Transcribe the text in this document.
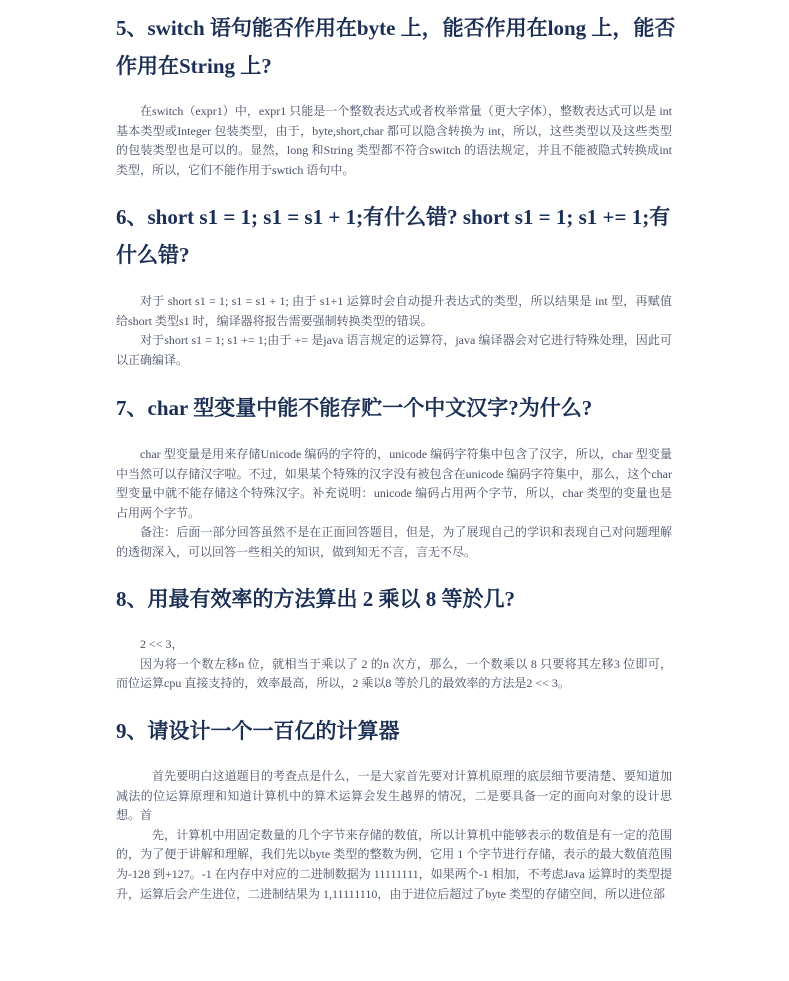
5、switch 语句能否作用在byte 上，能否作用在long 上，能否作用在String 上?

在switch（expr1）中，expr1 只能是一个整数表达式或者枚举常量（更大字体），整数表达式可以是 int 基本类型或Integer 包装类型，由于，byte,short,char 都可以隐含转换为 int，所以，这些类型以及这些类型的包装类型也是可以的。显然，long 和String 类型都不符合switch 的语法规定，并且不能被隐式转换成int 类型，所以，它们不能作用于swtich 语句中。

6、short s1 = 1; s1 = s1 + 1;有什么错? short s1 = 1; s1 += 1;有什么错?

对于 short s1 = 1; s1 = s1 + 1; 由于 s1+1 运算时会自动提升表达式的类型，所以结果是 int 型，再赋值给short 类型s1 时，编译器将报告需要强制转换类型的错误。

对于short s1 = 1; s1 += 1;由于 += 是java 语言规定的运算符，java 编译器会对它进行特殊处理，因此可以正确编译。

7、char 型变量中能不能存贮一个中文汉字?为什么?

char 型变量是用来存储Unicode 编码的字符的，unicode 编码字符集中包含了汉字，所以，char 型变量中当然可以存储汉字啦。不过，如果某个特殊的汉字没有被包含在unicode 编码字符集中，那么，这个char 型变量中就不能存储这个特殊汉字。补充说明：unicode 编码占用两个字节，所以，char 类型的变量也是占用两个字节。

备注：后面一部分回答虽然不是在正面回答题目，但是，为了展现自己的学识和表现自己对问题理解的透彻深入，可以回答一些相关的知识，做到知无不言，言无不尽。

8、用最有效率的方法算出 2 乘以 8 等於几?

2 << 3，

因为将一个数左移n 位，就相当于乘以了 2 的n 次方，那么，一个数乘以 8 只要将其左移3 位即可， 而位运算cpu 直接支持的，效率最高，所以，2 乘以8 等於几的最效率的方法是2 << 3。

9、请设计一个一百亿的计算器

首先要明白这道题目的考查点是什么，一是大家首先要对计算机原理的底层细节要清楚、要知道加减法的位运算原理和知道计算机中的算术运算会发生越界的情况，二是要具备一定的面向对象的设计思想。首

先，计算机中用固定数量的几个字节来存储的数值，所以计算机中能够表示的数值是有一定的范围的，为了便于讲解和理解，我们先以byte 类型的整数为例，它用 1 个字节进行存储，表示的最大数值范围为-128 到+127。-1 在内存中对应的二进制数据为 11111111，如果两个-1 相加，不考虑Java 运算时的类型提升，运算后会产生进位，二进制结果为 1,11111110，由于进位后超过了byte 类型的存储空间，所以进位部
